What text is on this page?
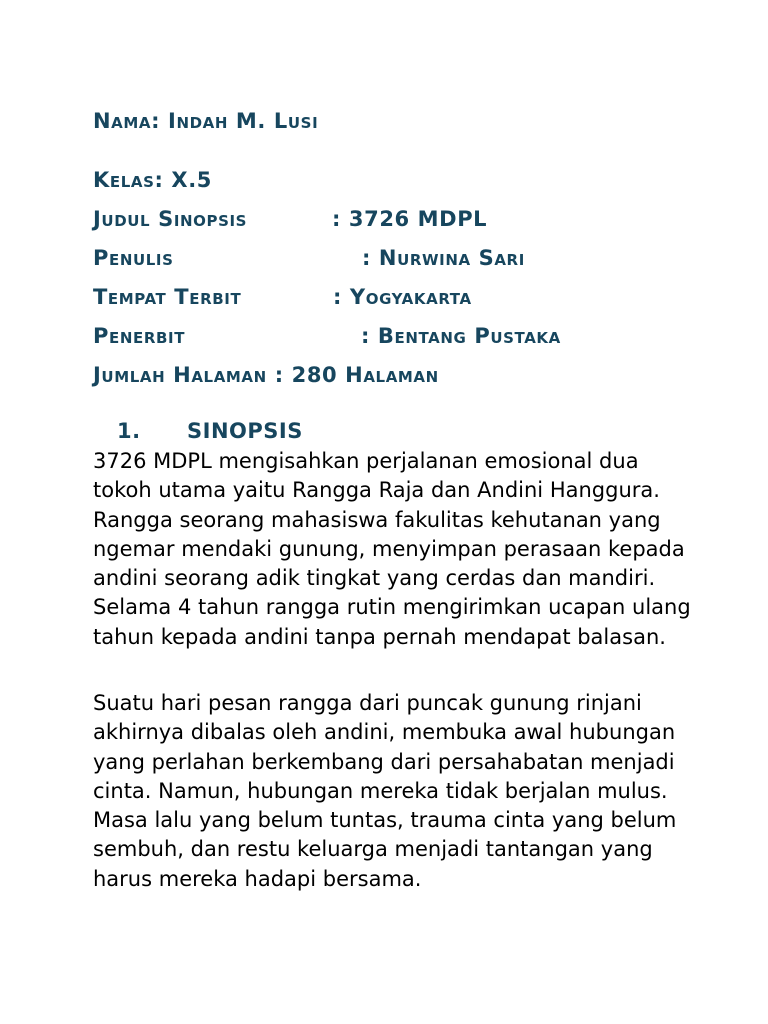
Nama: Indah M. Lusi
Kelas: X.5
Judul Sinopsis	: 3726 MDPL
Penulis	: Nurwina Sari
Tempat Terbit	: Yogyakarta
Penerbit	: Bentang Pustaka
Jumlah Halaman : 280 Halaman
1. SINOPSIS

3726 MDPL mengisahkan perjalanan emosional dua tokoh utama yaitu Rangga Raja dan Andini Hanggura. Rangga seorang mahasiswa fakulitas kehutanan yang ngemar mendaki gunung, menyimpan perasaan kepada andini seorang adik tingkat yang cerdas dan mandiri. Selama 4 tahun rangga rutin mengirimkan ucapan ulang tahun kepada andini tanpa pernah mendapat balasan.

Suatu hari pesan rangga dari puncak gunung rinjani akhirnya dibalas oleh andini, membuka awal hubungan yang perlahan berkembang dari persahabatan menjadi cinta. Namun, hubungan mereka tidak berjalan mulus. Masa lalu yang belum tuntas, trauma cinta yang belum sembuh, dan restu keluarga menjadi tantangan yang harus mereka hadapi bersama.
